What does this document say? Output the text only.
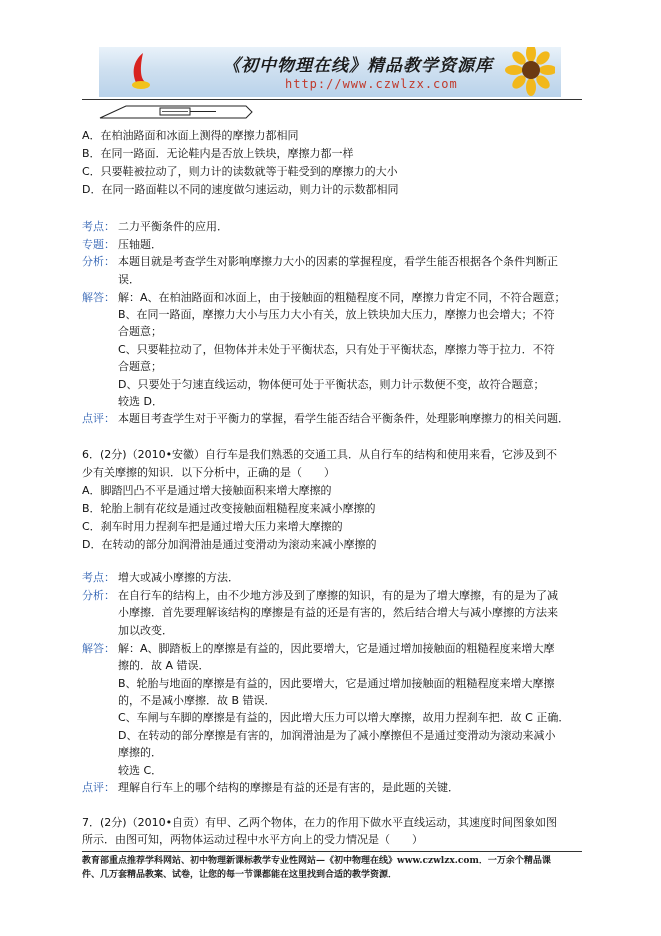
《初中物理在线》精品教学资源库
http://www.czwlzx.com
A．在柏油路面和冰面上测得的摩擦力都相同
B．在同一路面．无论鞋内是否放上铁块，摩擦力都一样
C．只要鞋被拉动了，则力计的读数就等于鞋受到的摩擦力的大小
D．在同一路面鞋以不同的速度做匀速运动，则力计的示数都相同
考点： 二力平衡条件的应用．
专题： 压轴题．
分析： 本题目就是考查学生对影响摩擦力大小的因素的掌握程度，看学生能否根据各个条件判断正
误．
解答： 解：A、在柏油路面和冰面上，由于接触面的粗糙程度不同，摩擦力肯定不同，不符合题意；
B、在同一路面，摩擦力大小与压力大小有关，放上铁块加大压力，摩擦力也会增大；不符
合题意；
C、只要鞋拉动了，但物体并未处于平衡状态，只有处于平衡状态，摩擦力等于拉力．不符
合题意；
D、只要处于匀速直线运动，物体便可处于平衡状态，则力计示数便不变，故符合题意；
较选 D．
点评： 本题目考查学生对于平衡力的掌握，看学生能否结合平衡条件，处理影响摩擦力的相关问题．
6．(2分)（2010•安徽）自行车是我们熟悉的交通工具．从自行车的结构和使用来看，它涉及到不
少有关摩擦的知识．以下分析中，正确的是（　　）
A．脚踏凹凸不平是通过增大接触面积来增大摩擦的
B．轮胎上制有花纹是通过改变接触面粗糙程度来减小摩擦的
C．刹车时用力捏刹车把是通过增大压力来增大摩擦的
D．在转动的部分加润滑油是通过变滑动为滚动来减小摩擦的
考点： 增大或减小摩擦的方法．
分析： 在自行车的结构上，由不少地方涉及到了摩擦的知识，有的是为了增大摩擦，有的是为了减
小摩擦．首先要理解该结构的摩擦是有益的还是有害的，然后结合增大与减小摩擦的方法来
加以改变．
解答： 解：A、脚踏板上的摩擦是有益的，因此要增大，它是通过增加接触面的粗糙程度来增大摩
擦的．故 A 错误．
B、轮胎与地面的摩擦是有益的，因此要增大，它是通过增加接触面的粗糙程度来增大摩擦
的，不是减小摩擦．故 B 错误．
C、车闸与车脚的摩擦是有益的，因此增大压力可以增大摩擦，故用力捏刹车把．故 C 正确．
D、在转动的部分摩擦是有害的，加润滑油是为了减小摩擦但不是通过变滑动为滚动来减小
摩擦的．
较选 C．
点评： 理解自行车上的哪个结构的摩擦是有益的还是有害的，是此题的关键．
7．(2分)（2010•自贡）有甲、乙两个物体，在力的作用下做水平直线运动，其速度时间图象如图
所示．由图可知，两物体运动过程中水平方向上的受力情况是（　　）
教育部重点推荐学科网站、初中物理新课标教学专业性网站—《初中物理在线》www.czwlzx.com．一万余个精品课
件、几万套精品教案、试卷，让您的每一节课都能在这里找到合适的教学资源．
